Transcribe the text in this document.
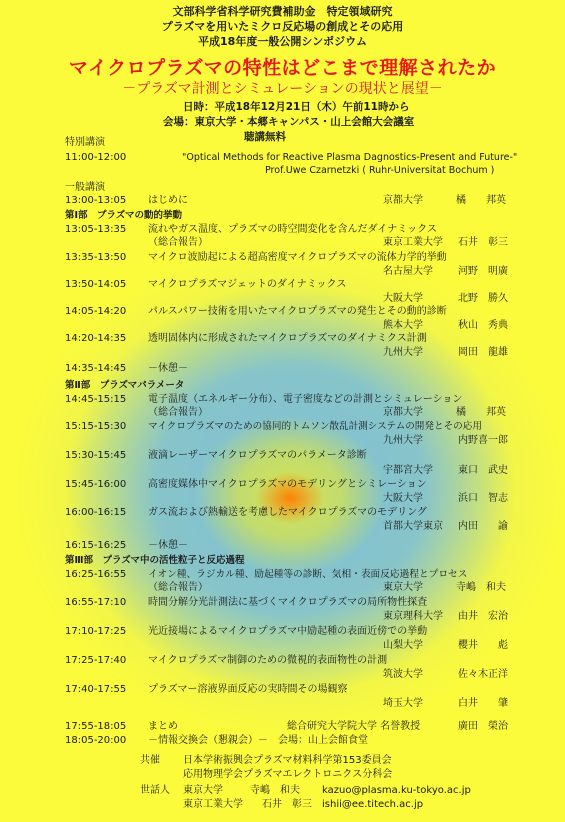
文部科学省科学研究費補助金　特定領域研究
プラズマを用いたミクロ反応場の創成とその応用
平成18年度一般公開シンポジウム
マイクロプラズマの特性はどこまで理解されたか
－プラズマ計測とシミュレーションの現状と展望－
日時：平成18年12月21日（木）午前11時から
会場：東京大学・本郷キャンパス・山上会館大会議室
聴講無料
特別講演
11:00-12:00	"Optical Methods for Reactive Plasma Dagnostics-Present and Future-"
Prof.Uwe Czarnetzki ( Ruhr-Universitat Bochum )
一般講演
13:00-13:05 はじめに	京都大学	橘　　邦英
第Ⅰ部　プラズマの動的挙動
13:05-13:35 流れやガス温度、プラズマの時空間変化を含んだダイナミックス
（総合報告）	東京工業大学 石井　彰三
13:35-13:50 マイクロ波励起による超高密度マイクロプラズマの流体力学的挙動
名古屋大学	河野　明廣
13:50-14:05 マイクロプラズマジェットのダイナミックス
大阪大学	北野　勝久
14:05-14:20 パルスパワー技術を用いたマイクロプラズマの発生とその動的診断
熊本大学	秋山　秀典
14:20-14:35 透明固体内に形成されたマイクロプラズマのダイナミクス計測
九州大学	岡田　龍雄
14:35-14:45 －休憩－
第Ⅱ部　プラズマパラメータ
14:45-15:15 電子温度（エネルギー分布）、電子密度などの計測とシミュレーション
（総合報告）	京都大学	橘　　邦英
15:15-15:30 マイクロプラズマのための協同的トムソン散乱計測システムの開発とその応用
九州大学	内野喜一郎
15:30-15:45 液滴レーザーマイクロプラズマのパラメータ診断
宇都宮大学	東口　武史
15:45-16:00 高密度媒体中マイクロプラズマのモデリングとシミレーション
大阪大学	浜口　智志
16:00-16:15 ガス流および熱輸送を考慮したマイクロプラズマのモデリング
首都大学東京 内田　　諭
16:15-16:25 －休憩－
第Ⅲ部　プラズマ中の活性粒子と反応過程
16:25-16:55 イオン種、ラジカル種、励起種等の診断、気相・表面反応過程とプロセス
（総合報告）	東京大学	寺嶋　和夫
16:55-17:10 時間分解分光計測法に基づくマイクロプラズマの局所物性探査
東京理科大学 由井　宏治
17:10-17:25 光近接場によるマイクロプラズマ中励起種の表面近傍での挙動
山梨大学	櫻井　　彪
17:25-17:40 マイクロプラズマ制御のための微視的表面物性の計測
筑波大学	佐々木正洋
17:40-17:55 プラズマー溶液界面反応の実時間その場観察
埼玉大学	白井　　肇
17:55-18:05 まとめ	総合研究大学院大学 名誉教授	廣田　榮治
18:05-20:00 －情報交換会（懇親会）－　会場：山上会館食堂
共催 日本学術振興会プラズマ材料科学第153委員会
応用物理学会プラズマエレクトロニクス分科会
世話人 東京大学	寺嶋　和夫 kazuo@plasma.ku-tokyo.ac.jp
東京工業大学 石井　彰三 ishii@ee.titech.ac.jp
